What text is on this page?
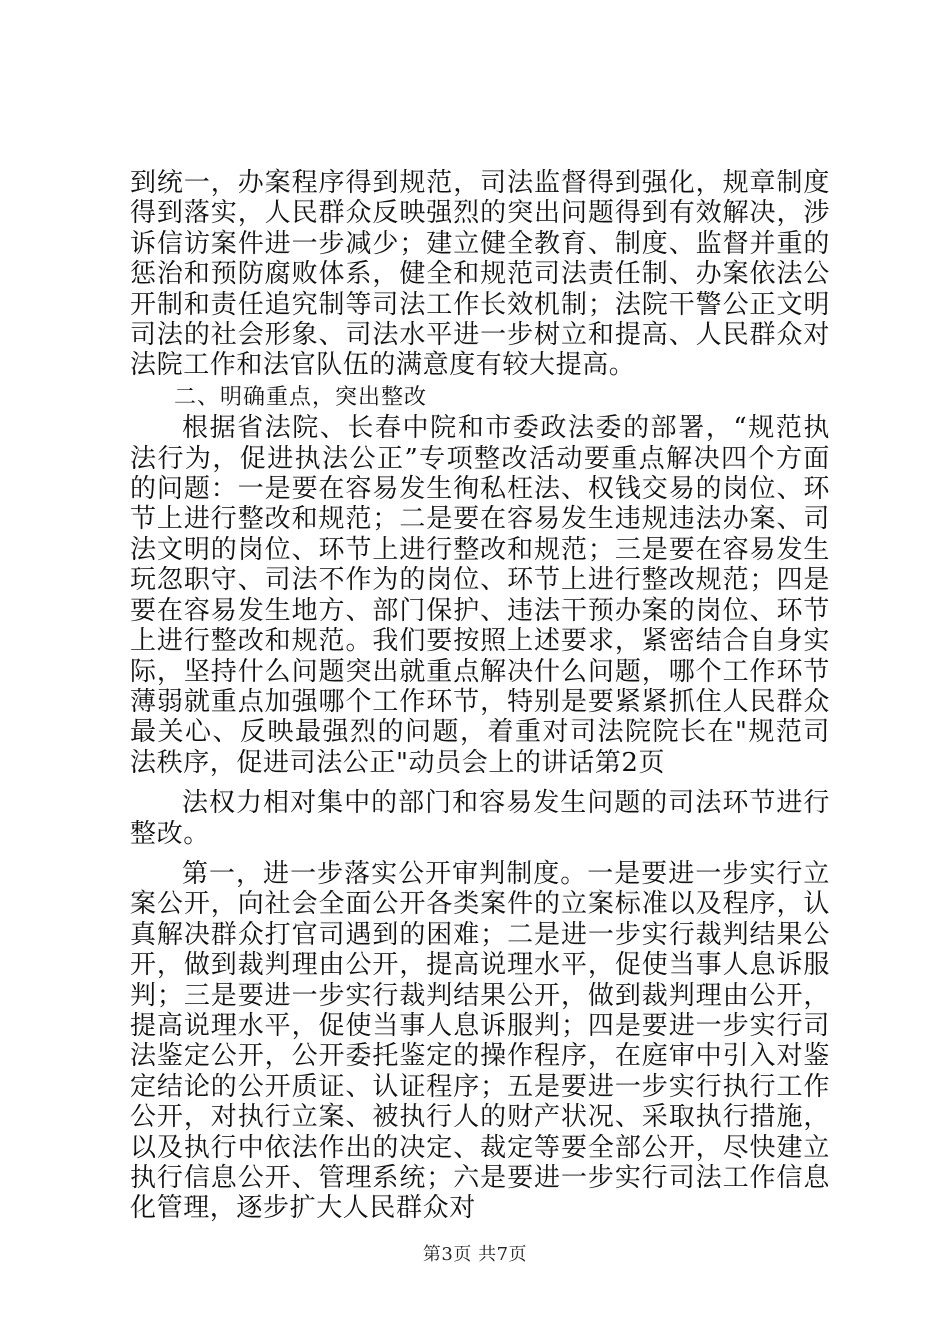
到统一，办案程序得到规范，司法监督得到强化，规章制度得到落实，人民群众反映强烈的突出问题得到有效解决，涉诉信访案件进一步减少；建立健全教育、制度、监督并重的惩治和预防腐败体系，健全和规范司法责任制、办案依法公开制和责任追究制等司法工作长效机制；法院干警公正文明司法的社会形象、司法水平进一步树立和提高、人民群众对法院工作和法官队伍的满意度有较大提高。

二、明确重点，突出整改

根据省法院、长春中院和市委政法委的部署，“规范执法行为，促进执法公正”专项整改活动要重点解决四个方面的问题：一是要在容易发生徇私枉法、权钱交易的岗位、环节上进行整改和规范；二是要在容易发生违规违法办案、司法文明的岗位、环节上进行整改和规范；三是要在容易发生玩忽职守、司法不作为的岗位、环节上进行整改规范；四是要在容易发生地方、部门保护、违法干预办案的岗位、环节上进行整改和规范。我们要按照上述要求，紧密结合自身实际，坚持什么问题突出就重点解决什么问题，哪个工作环节薄弱就重点加强哪个工作环节，特别是要紧紧抓住人民群众最关心、反映最强烈的问题，着重对司法院院长在"规范司法秩序，促进司法公正"动员会上的讲话第2页

法权力相对集中的部门和容易发生问题的司法环节进行整改。

第一，进一步落实公开审判制度。一是要进一步实行立案公开，向社会全面公开各类案件的立案标准以及程序，认真解决群众打官司遇到的困难；二是进一步实行裁判结果公开，做到裁判理由公开，提高说理水平，促使当事人息诉服判；三是要进一步实行裁判结果公开，做到裁判理由公开，提高说理水平，促使当事人息诉服判；四是要进一步实行司法鉴定公开，公开委托鉴定的操作程序，在庭审中引入对鉴定结论的公开质证、认证程序；五是要进一步实行执行工作公开，对执行立案、被执行人的财产状况、采取执行措施，以及执行中依法作出的决定、裁定等要全部公开，尽快建立执行信息公开、管理系统；六是要进一步实行司法工作信息化管理，逐步扩大人民群众对

第3页 共7页
